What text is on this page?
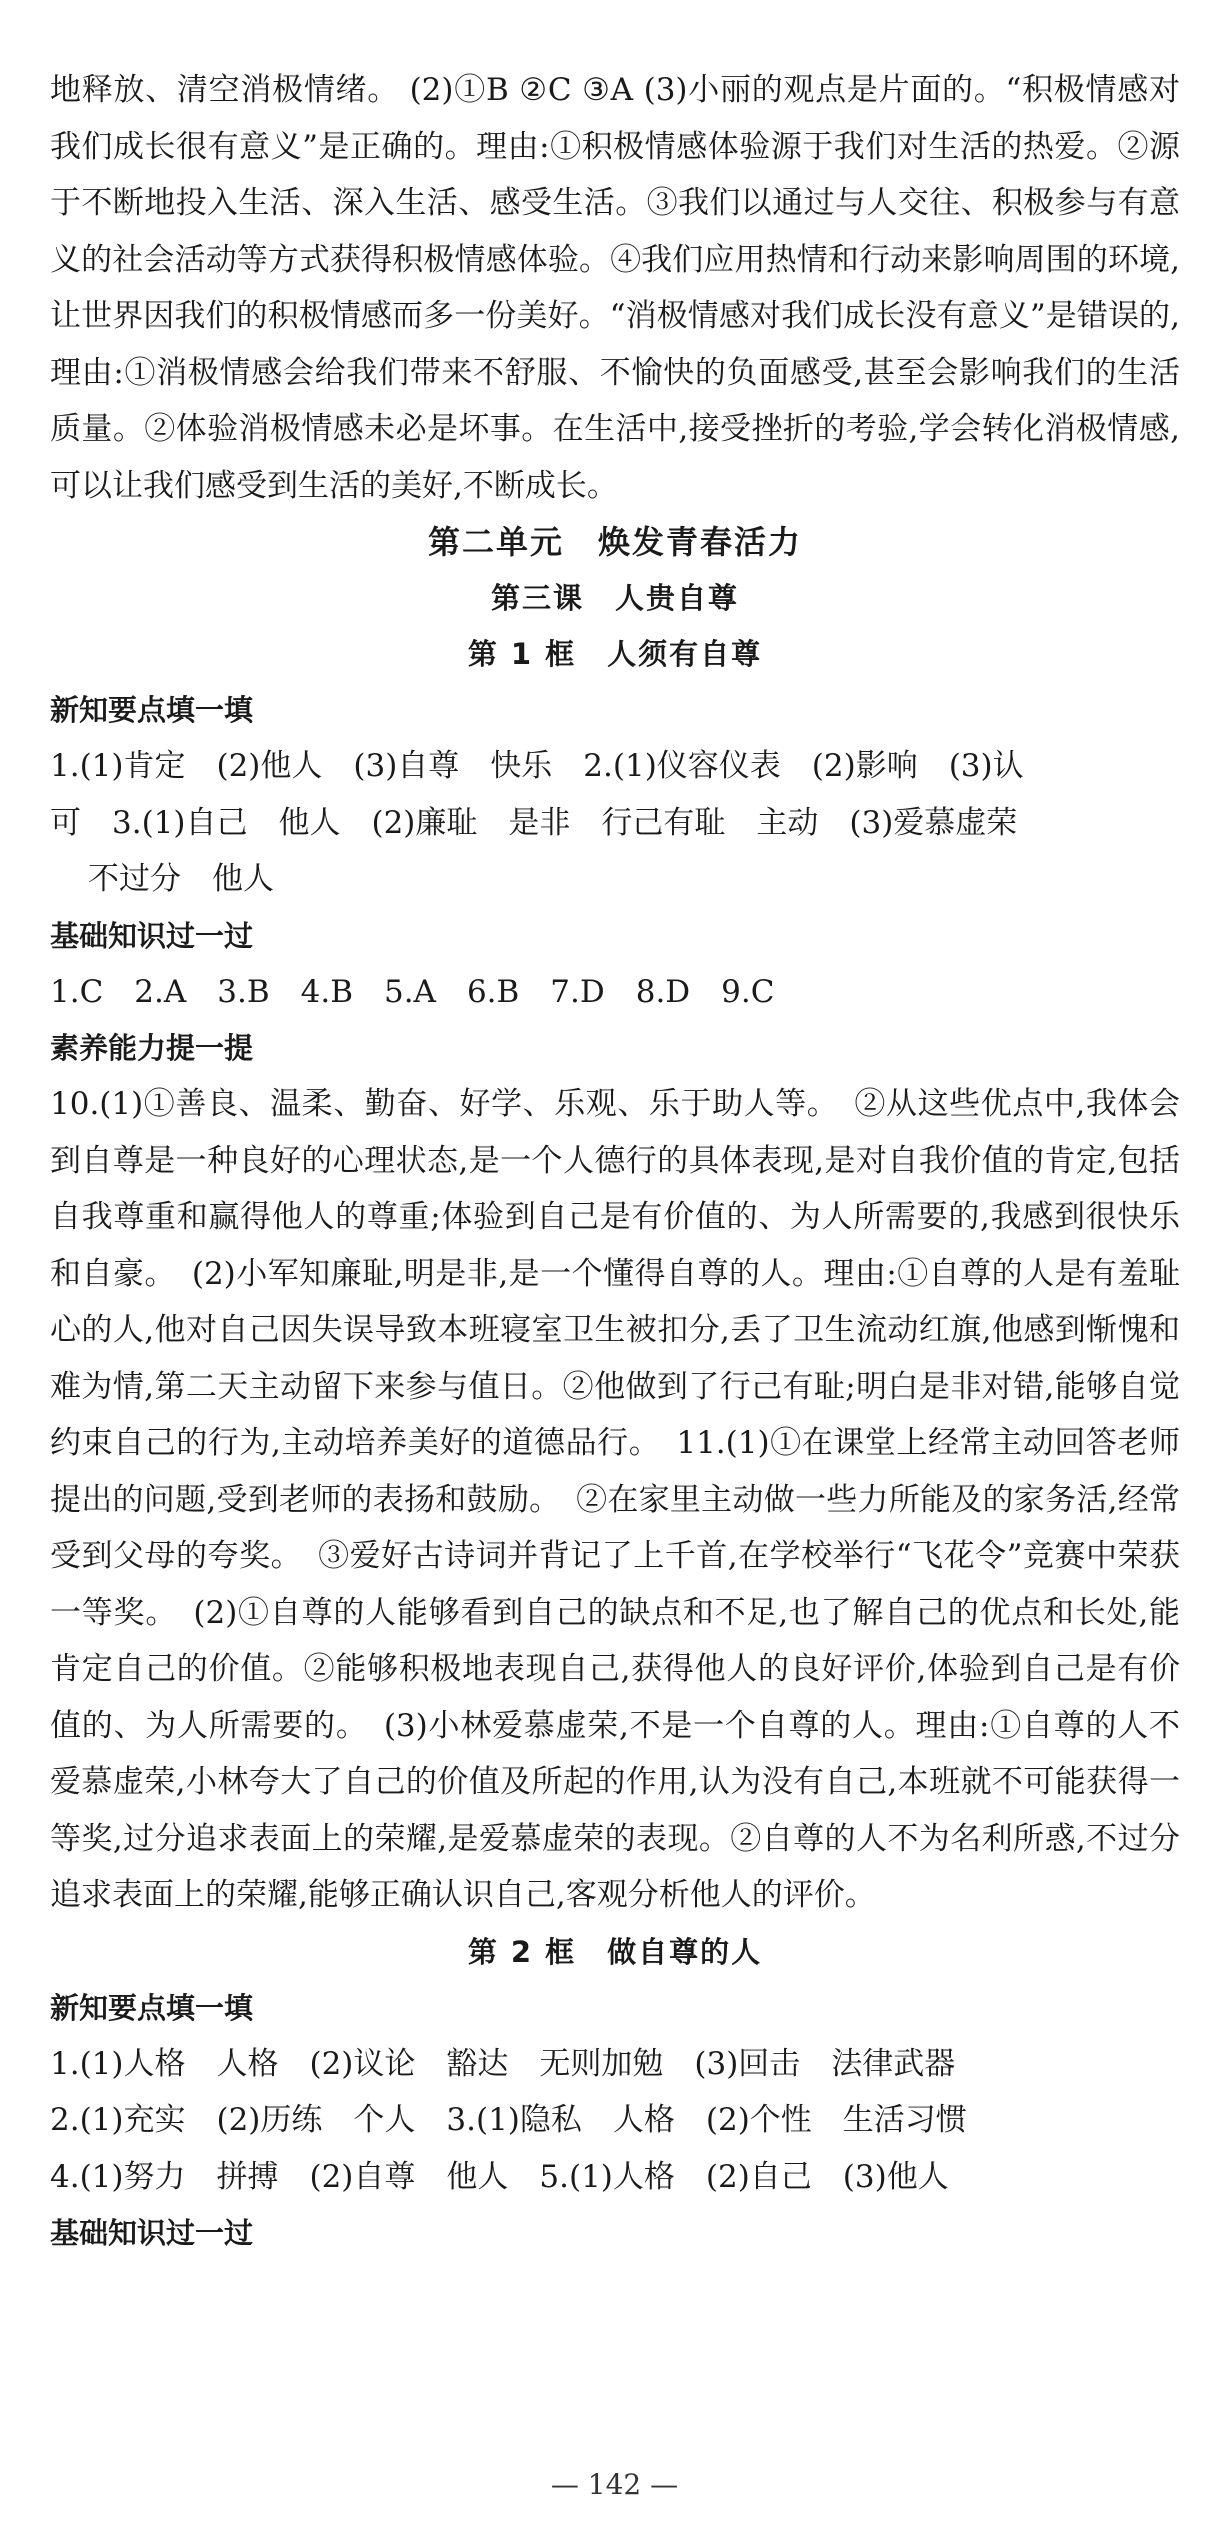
地释放、清空消极情绪。 (2)①B ②C ③A (3)小丽的观点是片面的。“积极情感对我们成长很有意义”是正确的。理由:①积极情感体验源于我们对生活的热爱。②源于不断地投入生活、深入生活、感受生活。③我们以通过与人交往、积极参与有意义的社会活动等方式获得积极情感体验。④我们应用热情和行动来影响周围的环境,让世界因我们的积极情感而多一份美好。“消极情感对我们成长没有意义”是错误的,理由:①消极情感会给我们带来不舒服、不愉快的负面感受,甚至会影响我们的生活质量。②体验消极情感未必是坏事。在生活中,接受挫折的考验,学会转化消极情感,可以让我们感受到生活的美好,不断成长。

第二单元　焕发青春活力

第三课　人贵自尊

第 1 框　人须有自尊

新知要点填一填

1.(1)肯定　(2)他人　(3)自尊　快乐　2.(1)仪容仪表　(2)影响　(3)认

可　3.(1)自己　他人　(2)廉耻　是非　行己有耻　主动　(3)爱慕虚荣

不过分　他人

基础知识过一过

1.C　2.A　3.B　4.B　5.A　6.B　7.D　8.D　9.C

素养能力提一提

10.(1)①善良、温柔、勤奋、好学、乐观、乐于助人等。　②从这些优点中,我体会到自尊是一种良好的心理状态,是一个人德行的具体表现,是对自我价值的肯定,包括自我尊重和赢得他人的尊重;体验到自己是有价值的、为人所需要的,我感到很快乐和自豪。　(2)小军知廉耻,明是非,是一个懂得自尊的人。理由:①自尊的人是有羞耻心的人,他对自己因失误导致本班寝室卫生被扣分,丢了卫生流动红旗,他感到惭愧和难为情,第二天主动留下来参与值日。②他做到了行己有耻;明白是非对错,能够自觉约束自己的行为,主动培养美好的道德品行。　11.(1)①在课堂上经常主动回答老师提出的问题,受到老师的表扬和鼓励。　②在家里主动做一些力所能及的家务活,经常受到父母的夸奖。　③爱好古诗词并背记了上千首,在学校举行“飞花令”竞赛中荣获一等奖。　(2)①自尊的人能够看到自己的缺点和不足,也了解自己的优点和长处,能肯定自己的价值。②能够积极地表现自己,获得他人的良好评价,体验到自己是有价值的、为人所需要的。　(3)小林爱慕虚荣,不是一个自尊的人。理由:①自尊的人不爱慕虚荣,小林夸大了自己的价值及所起的作用,认为没有自己,本班就不可能获得一等奖,过分追求表面上的荣耀,是爱慕虚荣的表现。②自尊的人不为名利所惑,不过分追求表面上的荣耀,能够正确认识自己,客观分析他人的评价。

第 2 框　做自尊的人

新知要点填一填

1.(1)人格　人格　(2)议论　豁达　无则加勉　(3)回击　法律武器

2.(1)充实　(2)历练　个人　3.(1)隐私　人格　(2)个性　生活习惯

4.(1)努力　拼搏　(2)自尊　他人　5.(1)人格　(2)自己　(3)他人

基础知识过一过

— 142 —
